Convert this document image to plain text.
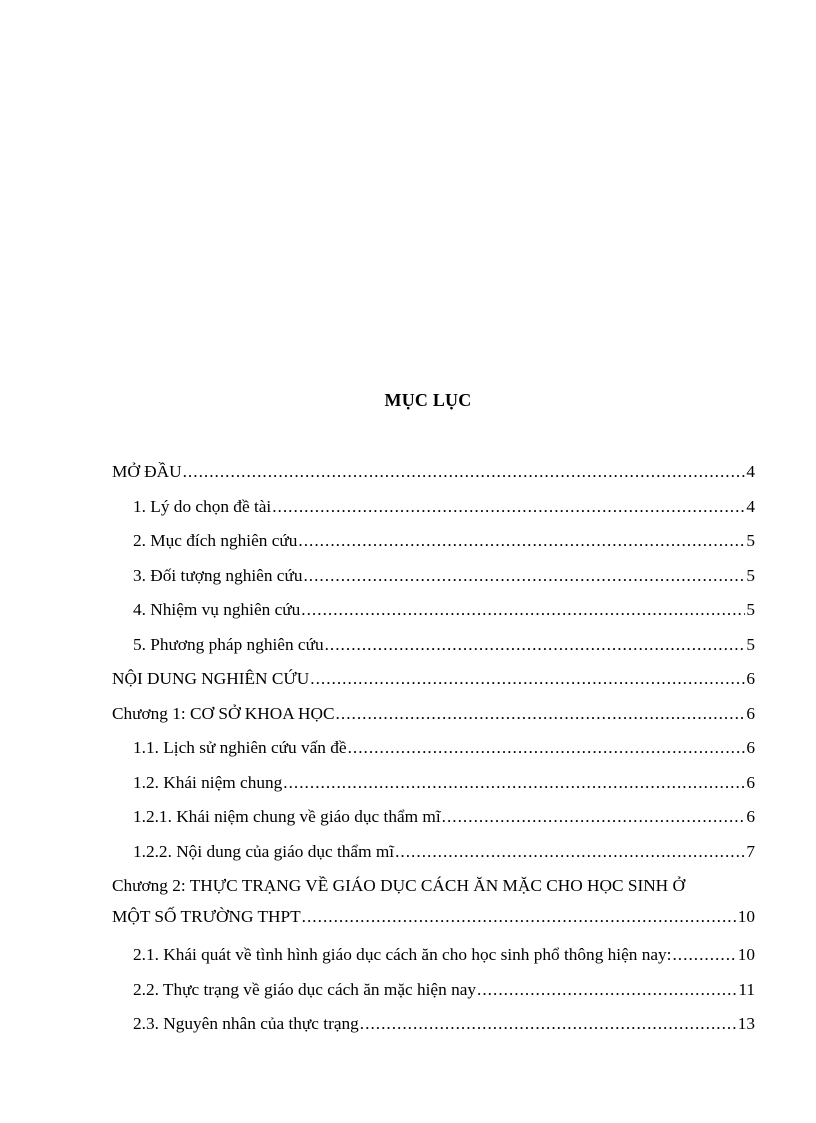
MỤC LỤC
MỞ ĐẦU .....	4
1. Lý do chọn đề tài .....	4
2. Mục đích nghiên cứu .....	5
3. Đối tượng nghiên cứu .....	5
4. Nhiệm vụ nghiên cứu .....	5
5. Phương pháp nghiên cứu .....	5
NỘI DUNG NGHIÊN CỨU .....	6
Chương 1: CƠ SỞ KHOA HỌC .....	6
1.1. Lịch sử nghiên cứu vấn đề .....	6
1.2. Khái niệm chung .....	6
1.2.1. Khái niệm chung về giáo dục thẩm mĩ .....	6
1.2.2. Nội dung của giáo dục thẩm mĩ .....	7
Chương 2: THỰC TRẠNG VỀ GIÁO DỤC CÁCH ĂN MẶC CHO HỌC SINH Ở
MỘT SỐ TRƯỜNG THPT .....	10
2.1. Khái quát về tình hình giáo dục cách ăn cho học sinh phổ thông hiện nay: .....	10
2.2. Thực trạng về giáo dục cách ăn mặc hiện nay .....	11
2.3. Nguyên nhân của thực trạng .....	13
